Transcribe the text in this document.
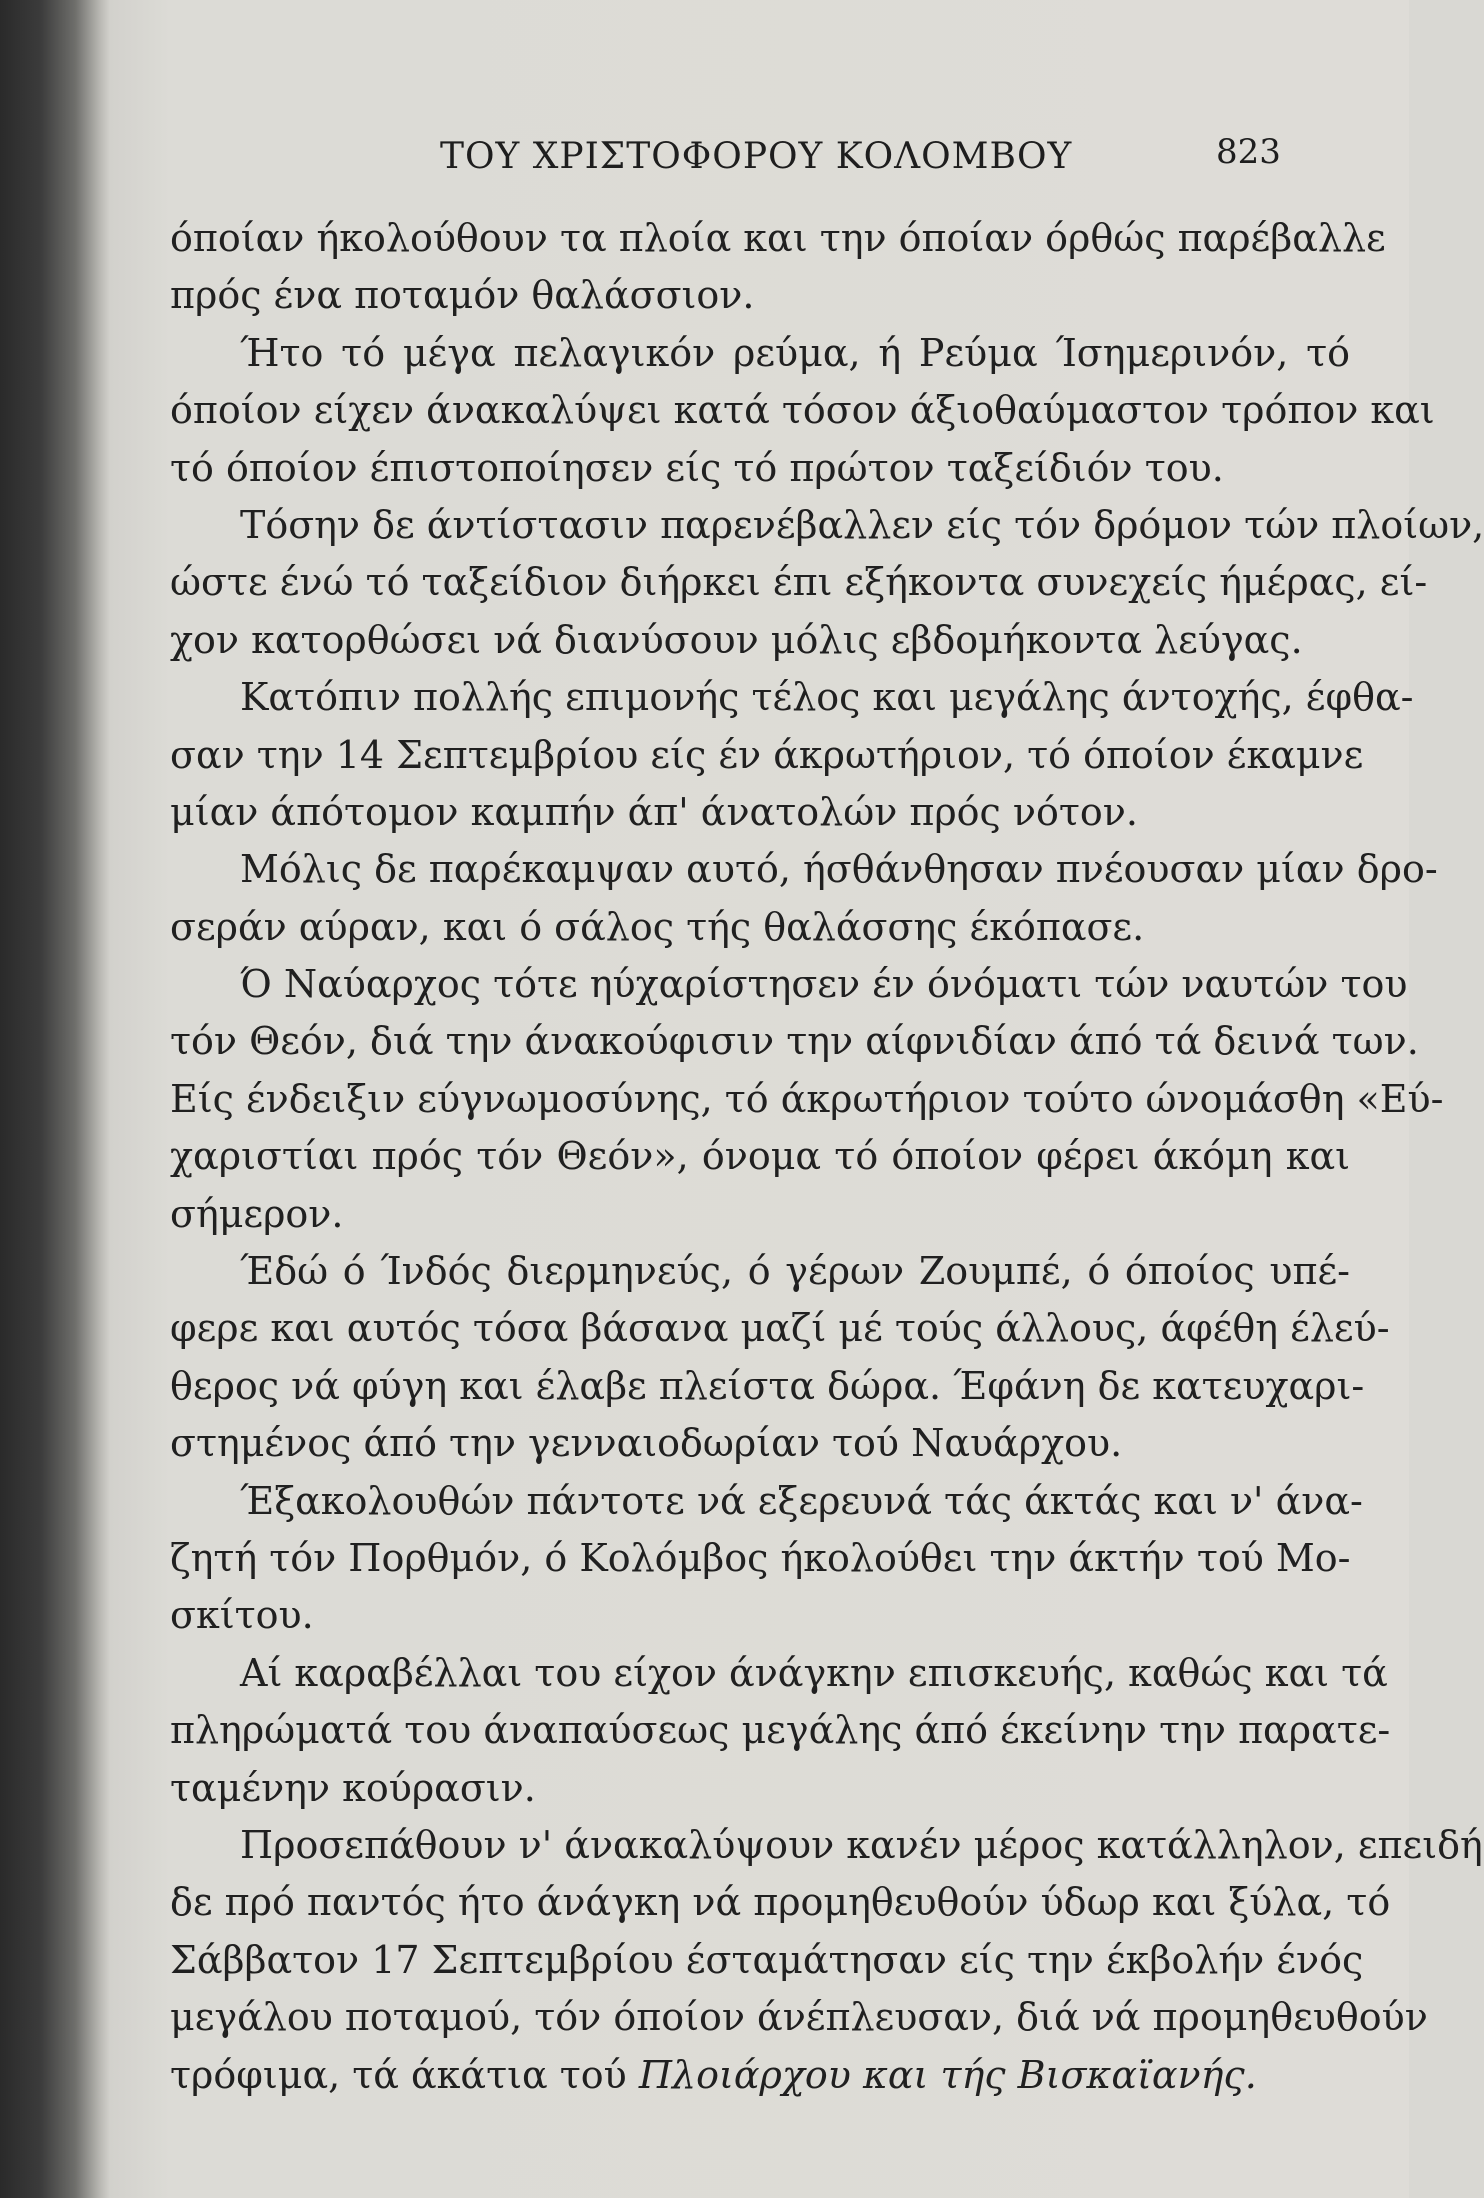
ΤΟΥ ΧΡΙΣΤΟΦΟΡΟΥ ΚΟΛΟΜΒΟΥ	823
όποίαν ήκολούθουν τα πλοία και την όποίαν όρθώς παρέβαλλε
πρός ένα ποταμόν θαλάσσιον.
Ήτο τό μέγα πελαγικόν ρεύμα, ή Ρεύμα Ίσημερινόν, τό
όποίον είχεν άνακαλύψει κατά τόσον άξιοθαύμαστον τρόπον και
τό όποίον έπιστοποίησεν είς τό πρώτον ταξείδιόν του.
Τόσην δε άντίστασιν παρενέβαλλεν είς τόν δρόμον τών πλοίων,
ώστε ένώ τό ταξείδιον διήρκει έπι εξήκοντα συνεχείς ήμέρας, εί-
χον κατορθώσει νά διανύσουν μόλις εβδομήκοντα λεύγας.
Κατόπιν πολλής επιμονής τέλος και μεγάλης άντοχής, έφθα-
σαν την 14 Σεπτεμβρίου είς έν άκρωτήριον, τό όποίον έκαμνε
μίαν άπότομον καμπήν άπ' άνατολών πρός νότον.
Μόλις δε παρέκαμψαν αυτό, ήσθάνθησαν πνέουσαν μίαν δρο-
σεράν αύραν, και ό σάλος τής θαλάσσης έκόπασε.
Ό Ναύαρχος τότε ηύχαρίστησεν έν όνόματι τών ναυτών του
τόν Θεόν, διά την άνακούφισιν την αίφνιδίαν άπό τά δεινά των.
Είς ένδειξιν εύγνωμοσύνης, τό άκρωτήριον τούτο ώνομάσθη «Εύ-
χαριστίαι πρός τόν Θεόν», όνομα τό όποίον φέρει άκόμη και
σήμερον.
Έδώ ό Ίνδός διερμηνεύς, ό γέρων Ζουμπέ, ό όποίος υπέ-
φερε και αυτός τόσα βάσανα μαζί μέ τούς άλλους, άφέθη έλεύ-
θερος νά φύγη και έλαβε πλείστα δώρα. Έφάνη δε κατευχαρι-
στημένος άπό την γενναιοδωρίαν τού Ναυάρχου.
Έξακολουθών πάντοτε νά εξερευνά τάς άκτάς και ν' άνα-
ζητή τόν Πορθμόν, ό Κολόμβος ήκολούθει την άκτήν τού Μο-
σκίτου.
Αί καραβέλλαι του είχον άνάγκην επισκευής, καθώς και τά
πληρώματά του άναπαύσεως μεγάλης άπό έκείνην την παρατε-
ταμένην κούρασιν.
Προσεπάθουν ν' άνακαλύψουν κανέν μέρος κατάλληλον, επειδή
δε πρό παντός ήτο άνάγκη νά προμηθευθούν ύδωρ και ξύλα, τό
Σάββατον 17 Σεπτεμβρίου έσταμάτησαν είς την έκβολήν ένός
μεγάλου ποταμού, τόν όποίον άνέπλευσαν, διά νά προμηθευθούν
τρόφιμα, τά άκάτια τού Πλοιάρχου και τής Βισκαϊανής.
